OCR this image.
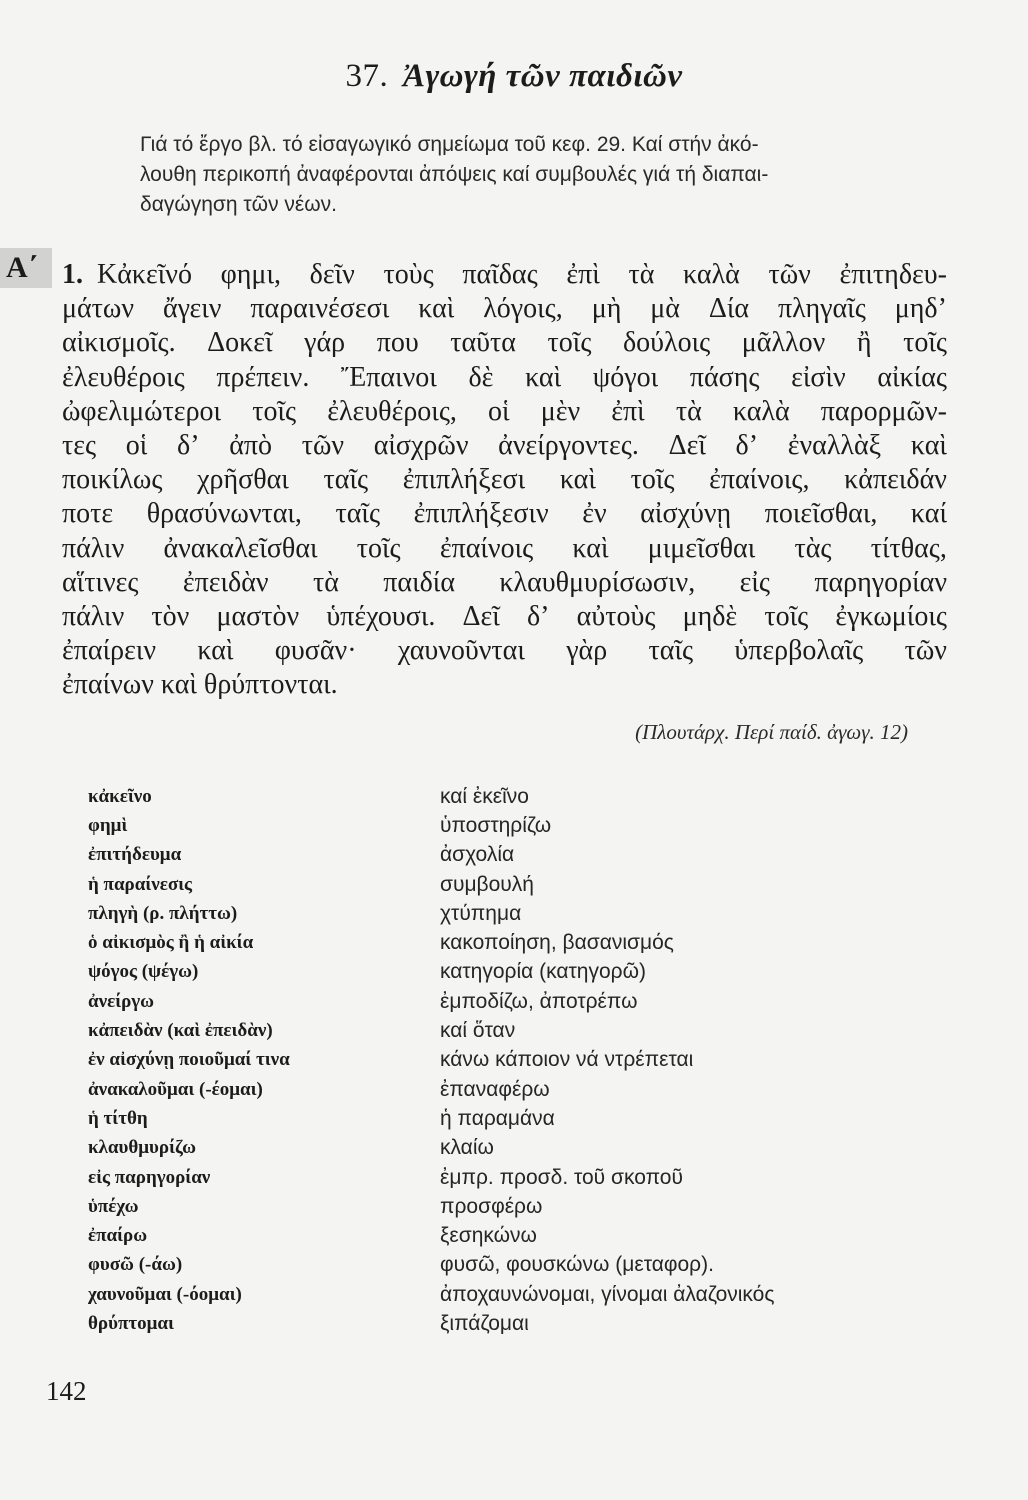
37. Ἀγωγή τῶν παιδιῶν
Γιά τό ἔργο βλ. τό εἰσαγωγικό σημείωμα τοῦ κεφ. 29. Καί στήν ἀκό-
λουθη περικοπή ἀναφέρονται ἀπόψεις καί συμβουλές γιά τή διαπαι-
δαγώγηση τῶν νέων.
Α΄ 1. Κἀκεῖνό φημι, δεῖν τοὺς παῖδας ἐπὶ τὰ καλὰ τῶν ἐπιτηδευ-
μάτων ἄγειν παραινέσεσι καὶ λόγοις, μὴ μὰ Δία πληγαῖς μηδ’
αἰκισμοῖς. Δοκεῖ γάρ που ταῦτα τοῖς δούλοις μᾶλλον ἢ τοῖς
ἐλευθέροις πρέπειν. Ἔπαινοι δὲ καὶ ψόγοι πάσης εἰσὶν αἰκίας
ὠφελιμώτεροι τοῖς ἐλευθέροις, οἱ μὲν ἐπὶ τὰ καλὰ παρορμῶν-
τες οἱ δ’ ἀπὸ τῶν αἰσχρῶν ἀνείργοντες. Δεῖ δ’ ἐναλλὰξ καὶ
ποικίλως χρῆσθαι ταῖς ἐπιπλήξεσι καὶ τοῖς ἐπαίνοις, κἀπειδάν
ποτε θρασύνωνται, ταῖς ἐπιπλήξεσιν ἐν αἰσχύνῃ ποιεῖσθαι, καί
πάλιν ἀνακαλεῖσθαι τοῖς ἐπαίνοις καὶ μιμεῖσθαι τὰς τίτθας,
αἵτινες ἐπειδὰν τὰ παιδία κλαυθμυρίσωσιν, εἰς παρηγορίαν
πάλιν τὸν μαστὸν ὑπέχουσι. Δεῖ δ’ αὐτοὺς μηδὲ τοῖς ἐγκωμίοις
ἐπαίρειν καὶ φυσᾶν· χαυνοῦνται γὰρ ταῖς ὑπερβολαῖς τῶν
ἐπαίνων καὶ θρύπτονται.
(Πλουτάρχ. Περί παίδ. ἀγωγ. 12)
κἀκεῖνο	καί ἐκεῖνο
φημὶ	ὑποστηρίζω
ἐπιτήδευμα	ἀσχολία
ἡ παραίνεσις	συμβουλή
πληγὴ (ρ. πλήττω)	χτύπημα
ὁ αἰκισμὸς ἢ ἡ αἰκία	κακοποίηση, βασανισμός
ψόγος (ψέγω)	κατηγορία (κατηγορῶ)
ἀνείργω	ἐμποδίζω, ἀποτρέπω
κἀπειδὰν (καὶ ἐπειδὰν)	καί ὅταν
ἐν αἰσχύνῃ ποιοῦμαί τινα	κάνω κάποιον νά ντρέπεται
ἀνακαλοῦμαι (-έομαι)	ἐπαναφέρω
ἡ τίτθη	ἡ παραμάνα
κλαυθμυρίζω	κλαίω
εἰς παρηγορίαν	ἐμπρ. προσδ. τοῦ σκοποῦ
ὑπέχω	προσφέρω
ἐπαίρω	ξεσηκώνω
φυσῶ (-άω)	φυσῶ, φουσκώνω (μεταφορ).
χαυνοῦμαι (-όομαι)	ἀποχαυνώνομαι, γίνομαι ἀλαζονικός
θρύπτομαι	ξιπάζομαι
142
